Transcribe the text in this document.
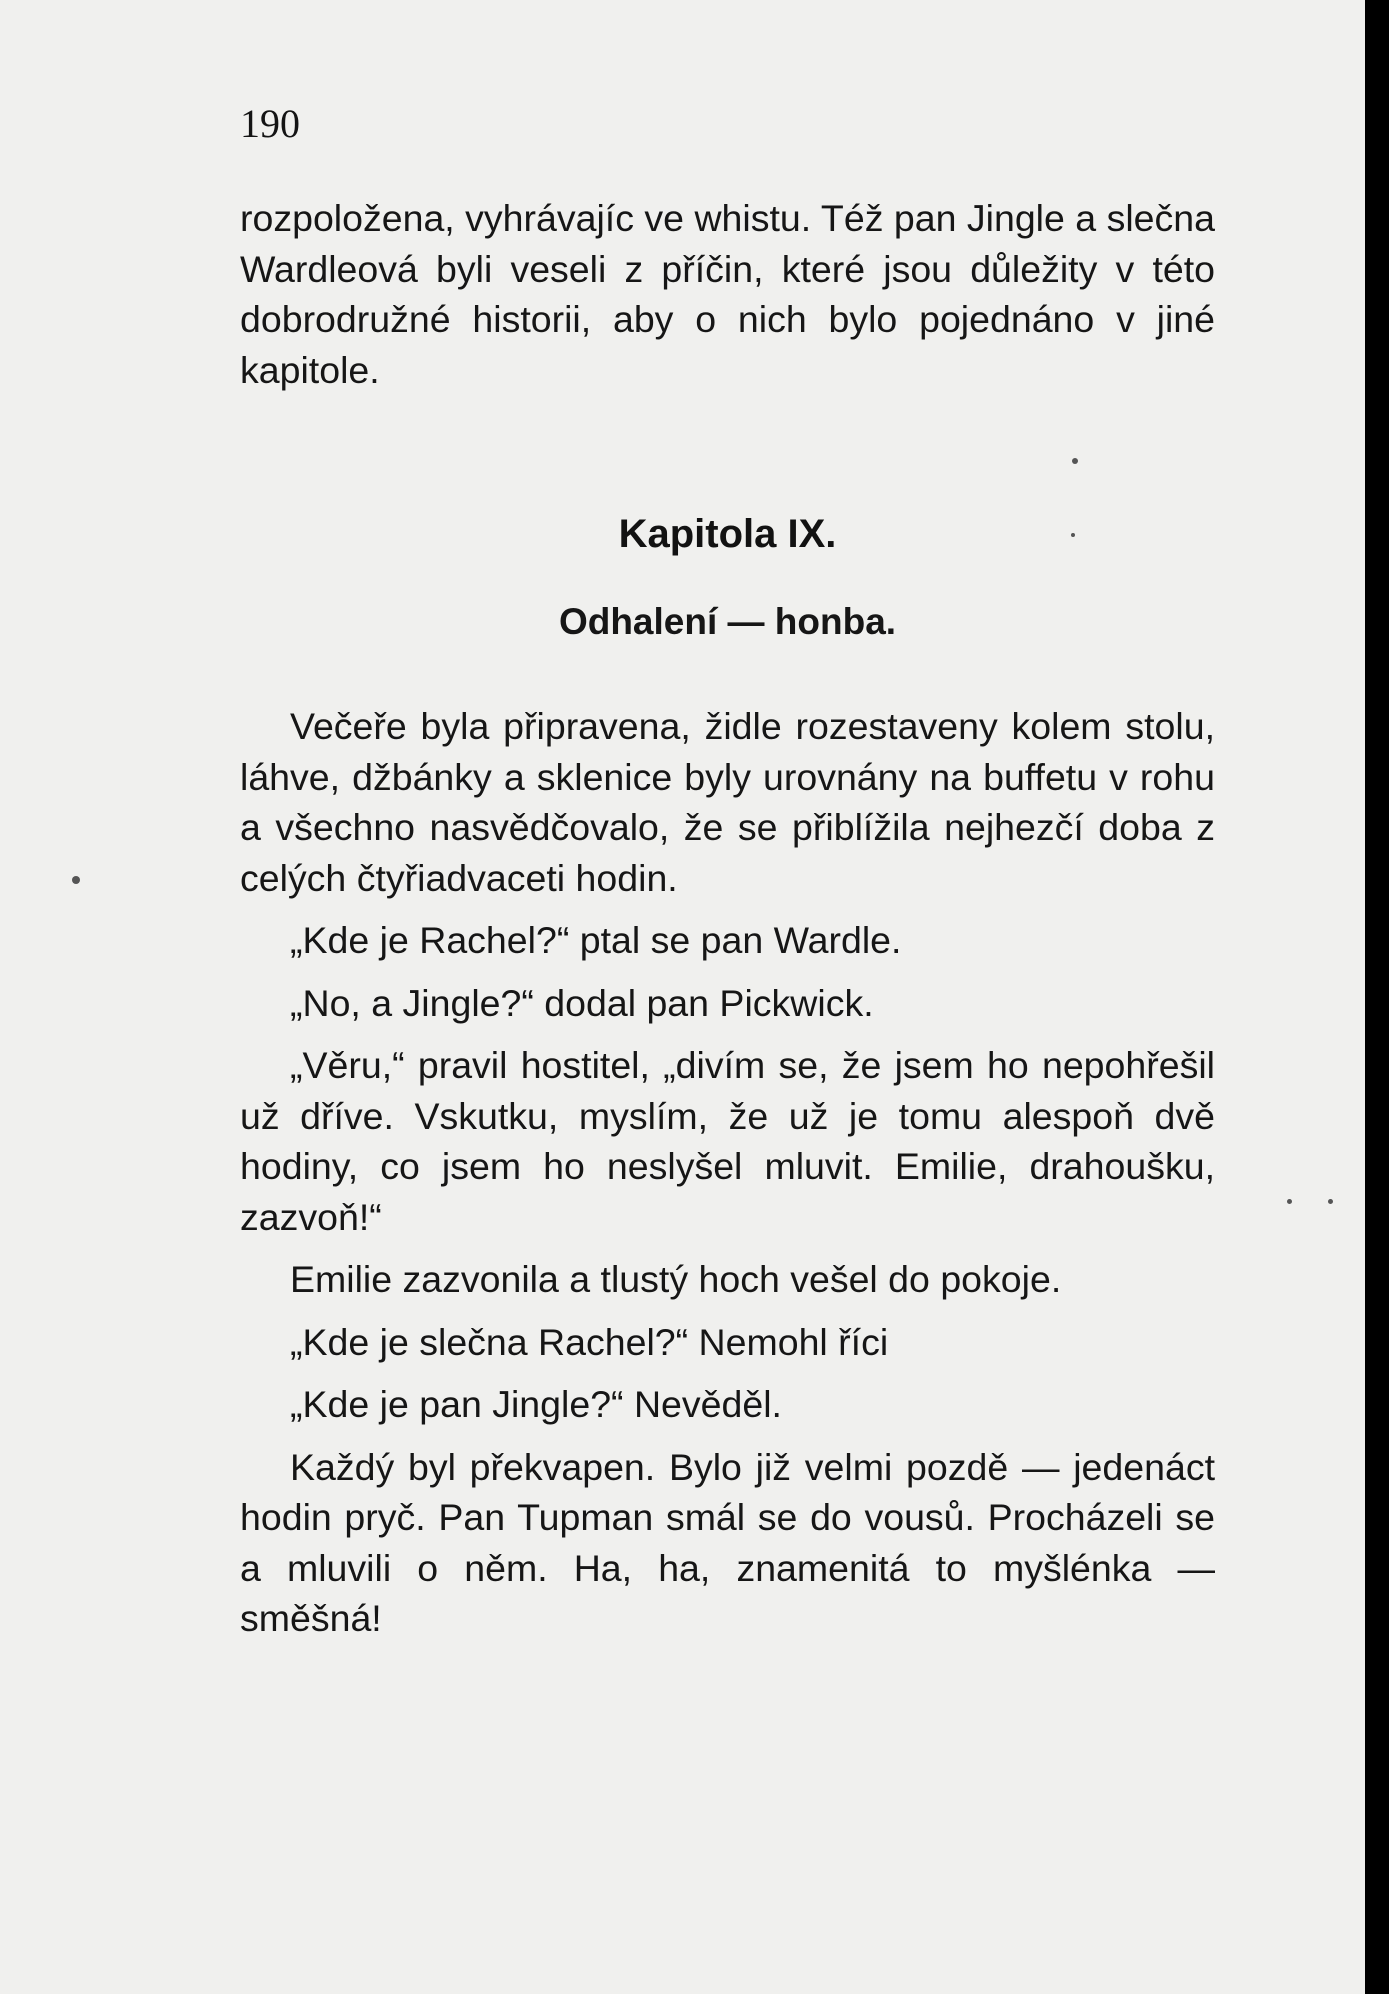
190

rozpoložena, vyhrávajíc ve whistu. Též pan Jingle a slečna Wardleová byli veseli z příčin, které jsou důležity v této dobrodružné historii, aby o nich bylo pojednáno v jiné kapitole.

Kapitola IX.
Odhalení — honba.

Večeře byla připravena, židle rozestaveny kolem stolu, láhve, džbánky a sklenice byly urovnány na buffetu v rohu a všechno nasvědčovalo, že se přiblížila nejhezčí doba z celých čtyřiadvaceti hodin.

„Kde je Rachel?“ ptal se pan Wardle.

„No, a Jingle?“ dodal pan Pickwick.

„Věru,“ pravil hostitel, „divím se, že jsem ho nepohřešil už dříve. Vskutku, myslím, že už je tomu alespoň dvě hodiny, co jsem ho neslyšel mluvit. Emilie, drahoušku, zazvoň!“

Emilie zazvonila a tlustý hoch vešel do pokoje.

„Kde je slečna Rachel?“ Nemohl říci

„Kde je pan Jingle?“ Nevěděl.

Každý byl překvapen. Bylo již velmi pozdě — jedenáct hodin pryč. Pan Tupman smál se do vousů. Procházeli se a mluvili o něm. Ha, ha, znamenitá to myšlénka — směšná!
